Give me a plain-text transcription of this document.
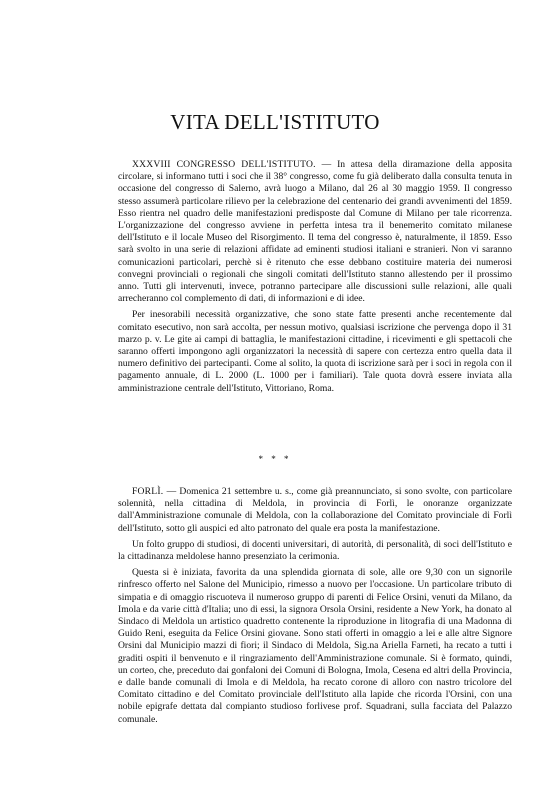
VITA DELL'ISTITUTO

XXXVIII CONGRESSO DELL'ISTITUTO. — In attesa della diramazione della apposita circolare, si informano tutti i soci che il 38° congresso, come fu già deliberato dalla consulta tenuta in occasione del congresso di Salerno, avrà luogo a Milano, dal 26 al 30 maggio 1959. Il congresso stesso assumerà particolare rilievo per la celebrazione del centenario dei grandi avvenimenti del 1859. Esso rientra nel quadro delle manifestazioni predisposte dal Comune di Milano per tale ricorrenza. L'organizzazione del congresso avviene in perfetta intesa tra il benemerito comitato milanese dell'Istituto e il locale Museo del Risorgimento. Il tema del congresso è, naturalmente, il 1859. Esso sarà svolto in una serie di relazioni affidate ad eminenti studiosi italiani e stranieri. Non vi saranno comunicazioni particolari, perchè si è ritenuto che esse debbano costituire materia dei numerosi convegni provinciali o regionali che singoli comitati dell'Istituto stanno allestendo per il prossimo anno. Tutti gli intervenuti, invece, potranno partecipare alle discussioni sulle relazioni, alle quali arrecheranno col complemento di dati, di informazioni e di idee.

Per inesorabili necessità organizzative, che sono state fatte presenti anche recentemente dal comitato esecutivo, non sarà accolta, per nessun motivo, qualsiasi iscrizione che pervenga dopo il 31 marzo p. v. Le gite ai campi di battaglia, le manifestazioni cittadine, i ricevimenti e gli spettacoli che saranno offerti impongono agli organizzatori la necessità di sapere con certezza entro quella data il numero definitivo dei partecipanti. Come al solito, la quota di iscrizione sarà per i soci in regola con il pagamento annuale, di L. 2000 (L. 1000 per i familiari). Tale quota dovrà essere inviata alla amministrazione centrale dell'Istituto, Vittoriano, Roma.

* * *

FORLÌ. — Domenica 21 settembre u. s., come già preannunciato, si sono svolte, con particolare solennità, nella cittadina di Meldola, in provincia di Forlì, le onoranze organizzate dall'Amministrazione comunale di Meldola, con la collaborazione del Comitato provinciale di Forlì dell'Istituto, sotto gli auspici ed alto patronato del quale era posta la manifestazione.

Un folto gruppo di studiosi, di docenti universitari, di autorità, di personalità, di soci dell'Istituto e la cittadinanza meldolese hanno presenziato la cerimonia.

Questa si è iniziata, favorita da una splendida giornata di sole, alle ore 9,30 con un signorile rinfresco offerto nel Salone del Municipio, rimesso a nuovo per l'occasione. Un particolare tributo di simpatia e di omaggio riscuoteva il numeroso gruppo di parenti di Felice Orsini, venuti da Milano, da Imola e da varie città d'Italia; uno di essi, la signora Orsola Orsini, residente a New York, ha donato al Sindaco di Meldola un artistico quadretto contenente la riproduzione in litografia di una Madonna di Guido Reni, eseguita da Felice Orsini giovane. Sono stati offerti in omaggio a lei e alle altre Signore Orsini dal Municipio mazzi di fiori; il Sindaco di Meldola, Sig.na Ariella Farneti, ha recato a tutti i graditi ospiti il benvenuto e il ringraziamento dell'Amministrazione comunale. Si è formato, quindi, un corteo, che, preceduto dai gonfaloni dei Comuni di Bologna, Imola, Cesena ed altri della Provincia, e dalle bande comunali di Imola e di Meldola, ha recato corone di alloro con nastro tricolore del Comitato cittadino e del Comitato provinciale dell'Istituto alla lapide che ricorda l'Orsini, con una nobile epigrafe dettata dal compianto studioso forlivese prof. Squadrani, sulla facciata del Palazzo comunale.
